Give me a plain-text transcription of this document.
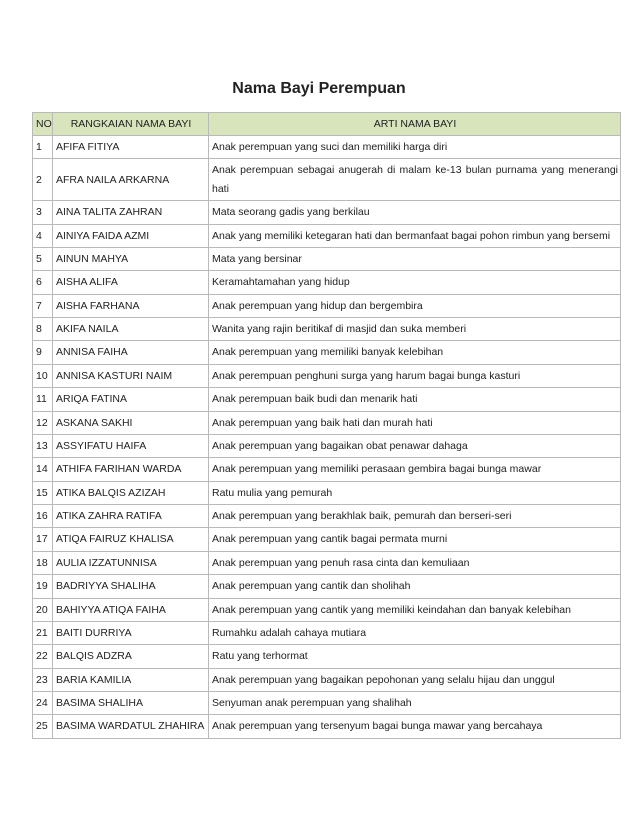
Nama Bayi Perempuan
NO	RANGKAIAN NAMA BAYI	ARTI NAMA BAYI
1	AFIFA FITIYA	Anak perempuan yang suci dan memiliki harga diri
2	AFRA NAILA ARKARNA	Anak perempuan sebagai anugerah di malam ke-13 bulan purnama yang menerangi hati
3	AINA TALITA ZAHRAN	Mata seorang gadis yang berkilau
4	AINIYA FAIDA AZMI	Anak yang memiliki ketegaran hati dan bermanfaat bagai pohon rimbun yang bersemi
5	AINUN MAHYA	Mata yang bersinar
6	AISHA ALIFA	Keramahtamahan yang hidup
7	AISHA FARHANA	Anak perempuan yang hidup dan bergembira
8	AKIFA NAILA	Wanita yang rajin beritikaf di masjid dan suka memberi
9	ANNISA FAIHA	Anak perempuan yang memiliki banyak kelebihan
10	ANNISA KASTURI NAIM	Anak perempuan penghuni surga yang harum bagai bunga kasturi
11	ARIQA FATINA	Anak perempuan baik budi dan menarik hati
12	ASKANA SAKHI	Anak perempuan yang baik hati dan murah hati
13	ASSYIFATU HAIFA	Anak perempuan yang bagaikan obat penawar dahaga
14	ATHIFA FARIHAN WARDA	Anak perempuan yang memiliki perasaan gembira bagai bunga mawar
15	ATIKA BALQIS AZIZAH	Ratu mulia yang pemurah
16	ATIKA ZAHRA RATIFA	Anak perempuan yang berakhlak baik, pemurah dan berseri-seri
17	ATIQA FAIRUZ KHALISA	Anak perempuan yang cantik bagai permata murni
18	AULIA IZZATUNNISA	Anak perempuan yang penuh rasa cinta dan kemuliaan
19	BADRIYYA SHALIHA	Anak perempuan yang cantik dan sholihah
20	BAHIYYA ATIQA FAIHA	Anak perempuan yang cantik yang memiliki keindahan dan banyak kelebihan
21	BAITI DURRIYA	Rumahku adalah cahaya mutiara
22	BALQIS ADZRA	Ratu yang terhormat
23	BARIA KAMILIA	Anak perempuan yang bagaikan pepohonan yang selalu hijau dan unggul
24	BASIMA SHALIHA	Senyuman anak perempuan yang shalihah
25	BASIMA WARDATUL ZHAHIRA	Anak perempuan yang tersenyum bagai bunga mawar yang bercahaya
